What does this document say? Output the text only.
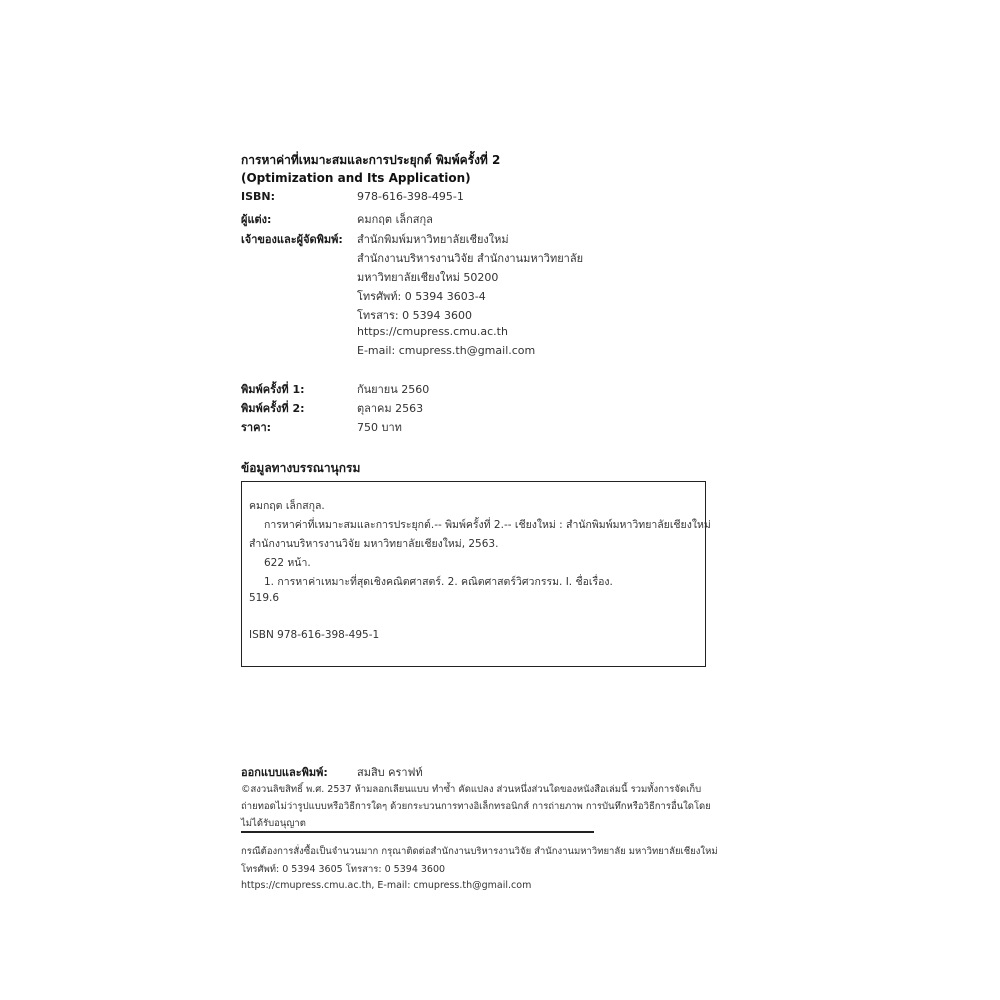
การหาค่าที่เหมาะสมและการประยุกต์ พิมพ์ครั้งที่ 2
(Optimization and Its Application)
ISBN:	978-616-398-495-1
ผู้แต่ง:	คมกฤต เล็กสกุล
เจ้าของและผู้จัดพิมพ์: สำนักพิมพ์มหาวิทยาลัยเชียงใหม่
สำนักงานบริหารงานวิจัย สำนักงานมหาวิทยาลัย
มหาวิทยาลัยเชียงใหม่ 50200
โทรศัพท์: 0 5394 3603-4
โทรสาร: 0 5394 3600
https://cmupress.cmu.ac.th
E-mail: cmupress.th@gmail.com
พิมพ์ครั้งที่ 1:	กันยายน 2560
พิมพ์ครั้งที่ 2:	ตุลาคม 2563
ราคา:	750 บาท
ข้อมูลทางบรรณานุกรม
คมกฤต เล็กสกุล.
การหาค่าที่เหมาะสมและการประยุกต์.-- พิมพ์ครั้งที่ 2.-- เชียงใหม่ : สำนักพิมพ์มหาวิทยาลัยเชียงใหม่
สำนักงานบริหารงานวิจัย มหาวิทยาลัยเชียงใหม่, 2563.
622 หน้า.
1. การหาค่าเหมาะที่สุดเชิงคณิตศาสตร์. 2. คณิตศาสตร์วิศวกรรม. I. ชื่อเรื่อง.
519.6
ISBN 978-616-398-495-1
ออกแบบและพิมพ์:	สมสิบ คราฟท์
©สงวนลิขสิทธิ์ พ.ศ. 2537 ห้ามลอกเลียนแบบ ทำซ้ำ คัดแปลง ส่วนหนึ่งส่วนใดของหนังสือเล่มนี้ รวมทั้งการจัดเก็บถ่ายทอดไม่ว่ารูปแบบหรือวิธีการใดๆ ด้วยกระบวนการทางอิเล็กทรอนิกส์ การถ่ายภาพ การบันทึกหรือวิธีการอื่นใดโดยไม่ได้รับอนุญาต
กรณีต้องการสั่งซื้อเป็นจำนวนมาก กรุณาติดต่อสำนักงานบริหารงานวิจัย สำนักงานมหาวิทยาลัย มหาวิทยาลัยเชียงใหม่
โทรศัพท์: 0 5394 3605 โทรสาร: 0 5394 3600
https://cmupress.cmu.ac.th, E-mail: cmupress.th@gmail.com
